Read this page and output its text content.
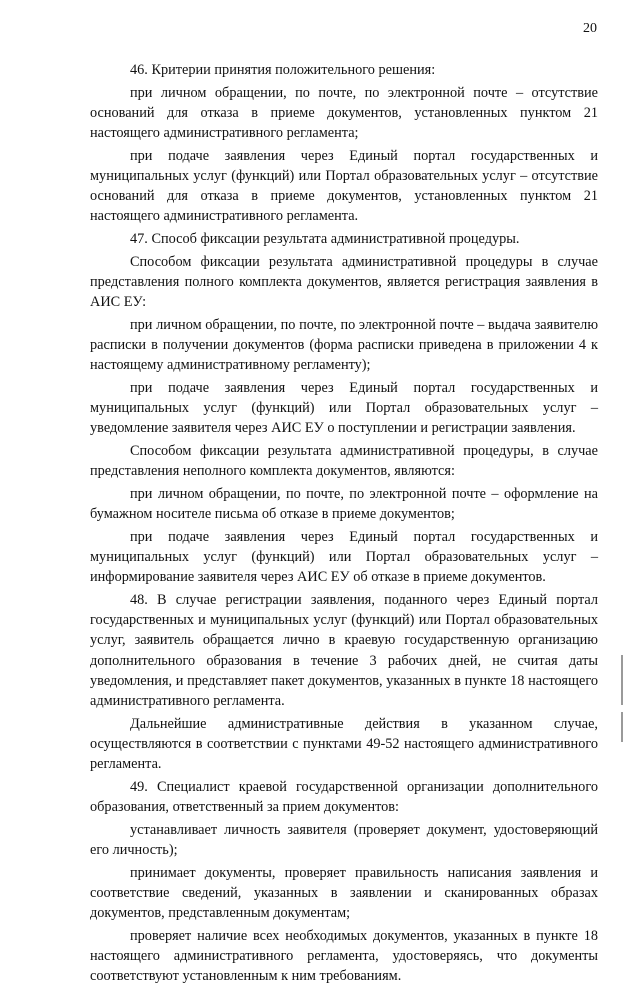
20

46. Критерии принятия положительного решения:

при личном обращении, по почте, по электронной почте – отсутствие оснований для отказа в приеме документов, установленных пунктом 21 настоящего административного регламента;

при подаче заявления через Единый портал государственных и муниципальных услуг (функций) или Портал образовательных услуг – отсутствие оснований для отказа в приеме документов, установленных пунктом 21 настоящего административного регламента.

47. Способ фиксации результата административной процедуры.

Способом фиксации результата административной процедуры в случае представления полного комплекта документов, является регистрация заявления в АИС ЕУ:

при личном обращении, по почте, по электронной почте – выдача заявителю расписки в получении документов (форма расписки приведена в приложении 4 к настоящему административному регламенту);

при подаче заявления через Единый портал государственных и муниципальных услуг (функций) или Портал образовательных услуг – уведомление заявителя через АИС ЕУ о поступлении и регистрации заявления.

Способом фиксации результата административной процедуры, в случае представления неполного комплекта документов, являются:

при личном обращении, по почте, по электронной почте – оформление на бумажном носителе письма об отказе в приеме документов;

при подаче заявления через Единый портал государственных и муниципальных услуг (функций) или Портал образовательных услуг – информирование заявителя через АИС ЕУ об отказе в приеме документов.

48. В случае регистрации заявления, поданного через Единый портал государственных и муниципальных услуг (функций) или Портал образовательных услуг, заявитель обращается лично в краевую государственную организацию дополнительного образования в течение 3 рабочих дней, не считая даты уведомления, и представляет пакет документов, указанных в пункте 18 настоящего административного регламента.

Дальнейшие административные действия в указанном случае, осуществляются в соответствии с пунктами 49-52 настоящего административного регламента.

49. Специалист краевой государственной организации дополнительного образования, ответственный за прием документов:

устанавливает личность заявителя (проверяет документ, удостоверяющий его личность);

принимает документы, проверяет правильность написания заявления и соответствие сведений, указанных в заявлении и сканированных образах документов, представленным документам;

проверяет наличие всех необходимых документов, указанных в пункте 18 настоящего административного регламента, удостоверяясь, что документы соответствуют установленным к ним требованиям.
